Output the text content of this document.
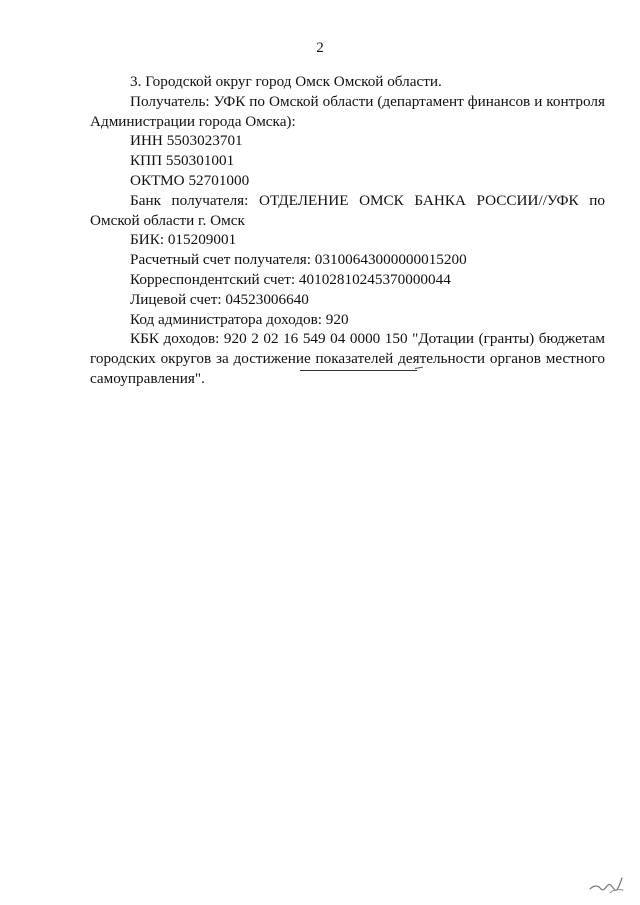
2

3. Городской округ город Омск Омской области.

Получатель: УФК по Омской области (департамент финансов и контроля Администрации города Омска):

ИНН 5503023701

КПП 550301001

ОКТМО 52701000

Банк получателя: ОТДЕЛЕНИЕ ОМСК БАНКА РОССИИ//УФК по Омской области г. Омск

БИК: 015209001

Расчетный счет получателя: 03100643000000015200

Корреспондентский счет: 40102810245370000044

Лицевой счет: 04523006640

Код администратора доходов: 920

КБК доходов: 920 2 02 16 549 04 0000 150 "Дотации (гранты) бюджетам городских округов за достижение показателей деятельности органов местного самоуправления".
